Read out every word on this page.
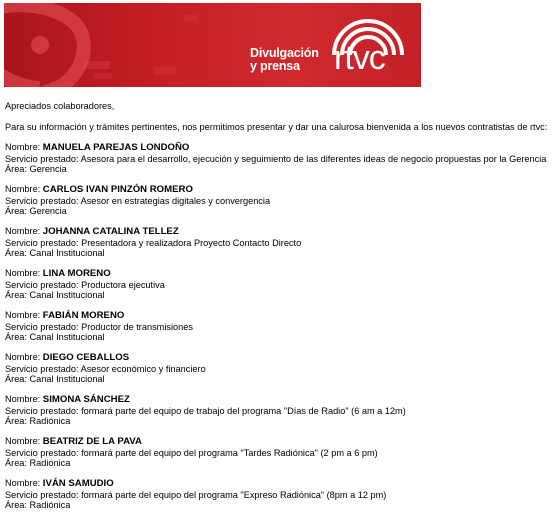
Divulgación
y prensa	rtvc
Apreciados colaboradores,
Para su información y trámites pertinentes, nos permitimos presentar y dar una calurosa bienvenida a los nuevos contratistas de rtvc:
Nombre: MANUELA PAREJAS LONDOÑO
Servicio prestado: Asesora para el desarrollo, ejecución y seguimiento de las diferentes ideas de negocio propuestas por la Gerencia
Área: Gerencia
Nombre: CARLOS IVAN PINZÓN ROMERO
Servicio prestado: Asesor en estrategias digitales y convergencia
Área: Gerencia
Nombre: JOHANNA CATALINA TELLEZ
Servicio prestado: Presentadora y realizadora Proyecto Contacto Directo
Área: Canal Institucional
Nombre: LINA MORENO
Servicio prestado: Productora ejecutiva
Área: Canal Institucional
Nombre: FABIÁN MORENO
Servicio prestado: Productor de transmisiones
Área: Canal Institucional
Nombre: DIEGO CEBALLOS
Servicio prestado: Asesor económico y financiero
Área: Canal Institucional
Nombre: SIMONA SÁNCHEZ
Servicio prestado: formará parte del equipo de trabajo del programa "Días de Radio" (6 am a 12m)
Área: Radiónica
Nombre: BEATRIZ DE LA PAVA
Servicio prestado: formará parte del equipo del programa "Tardes Radiónica" (2 pm a 6 pm)
Área: Radiónica
Nombre: IVÁN SAMUDIO
Servicio prestado: formará parte del equipo del programa "Expreso Radiónica" (8pm a 12 pm)
Área: Radiónica
